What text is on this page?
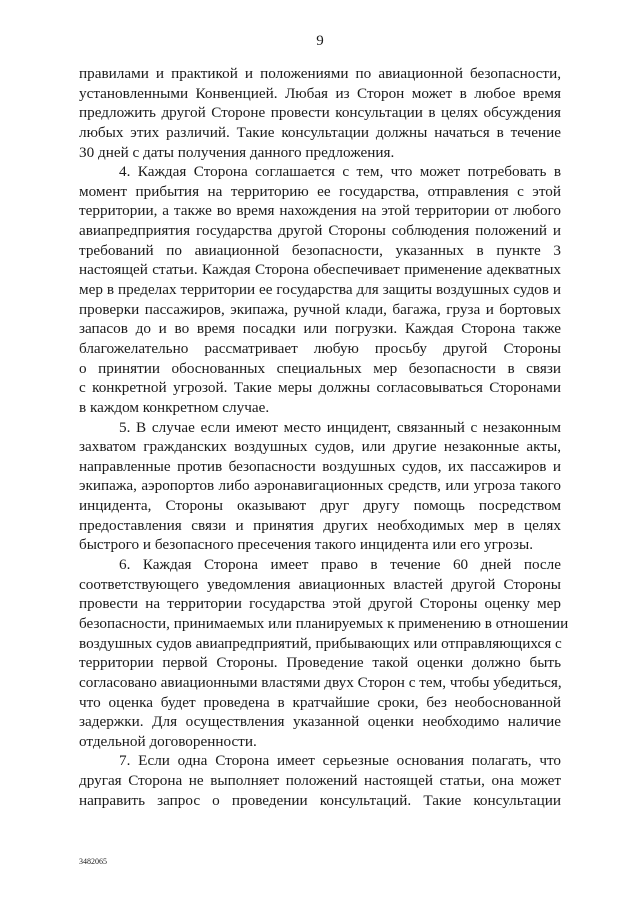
9
правилами и практикой и положениями по авиационной безопасности,
установленными Конвенцией. Любая из Сторон может в любое время
предложить другой Стороне провести консультации в целях обсуждения
любых этих различий. Такие консультации должны начаться в течение
30 дней с даты получения данного предложения.
4. Каждая Сторона соглашается с тем, что может потребовать в
момент прибытия на территорию ее государства, отправления с этой
территории, а также во время нахождения на этой территории от любого
авиапредприятия государства другой Стороны соблюдения положений и
требований по авиационной безопасности, указанных в пункте 3
настоящей статьи. Каждая Сторона обеспечивает применение адекватных
мер в пределах территории ее государства для защиты воздушных судов и
проверки пассажиров, экипажа, ручной клади, багажа, груза и бортовых
запасов до и во время посадки или погрузки. Каждая Сторона также
благожелательно рассматривает любую просьбу другой Стороны
о принятии обоснованных специальных мер безопасности в связи
с конкретной угрозой. Такие меры должны согласовываться Сторонами
в каждом конкретном случае.
5. В случае если имеют место инцидент, связанный с незаконным
захватом гражданских воздушных судов, или другие незаконные акты,
направленные против безопасности воздушных судов, их пассажиров и
экипажа, аэропортов либо аэронавигационных средств, или угроза такого
инцидента, Стороны оказывают друг другу помощь посредством
предоставления связи и принятия других необходимых мер в целях
быстрого и безопасного пресечения такого инцидента или его угрозы.
6. Каждая Сторона имеет право в течение 60 дней после
соответствующего уведомления авиационных властей другой Стороны
провести на территории государства этой другой Стороны оценку мер
безопасности, принимаемых или планируемых к применению в отношении
воздушных судов авиапредприятий, прибывающих или отправляющихся с
территории первой Стороны. Проведение такой оценки должно быть
согласовано авиационными властями двух Сторон с тем, чтобы убедиться,
что оценка будет проведена в кратчайшие сроки, без необоснованной
задержки. Для осуществления указанной оценки необходимо наличие
отдельной договоренности.
7. Если одна Сторона имеет серьезные основания полагать, что
другая Сторона не выполняет положений настоящей статьи, она может
направить запрос о проведении консультаций. Такие консультации
3482065
